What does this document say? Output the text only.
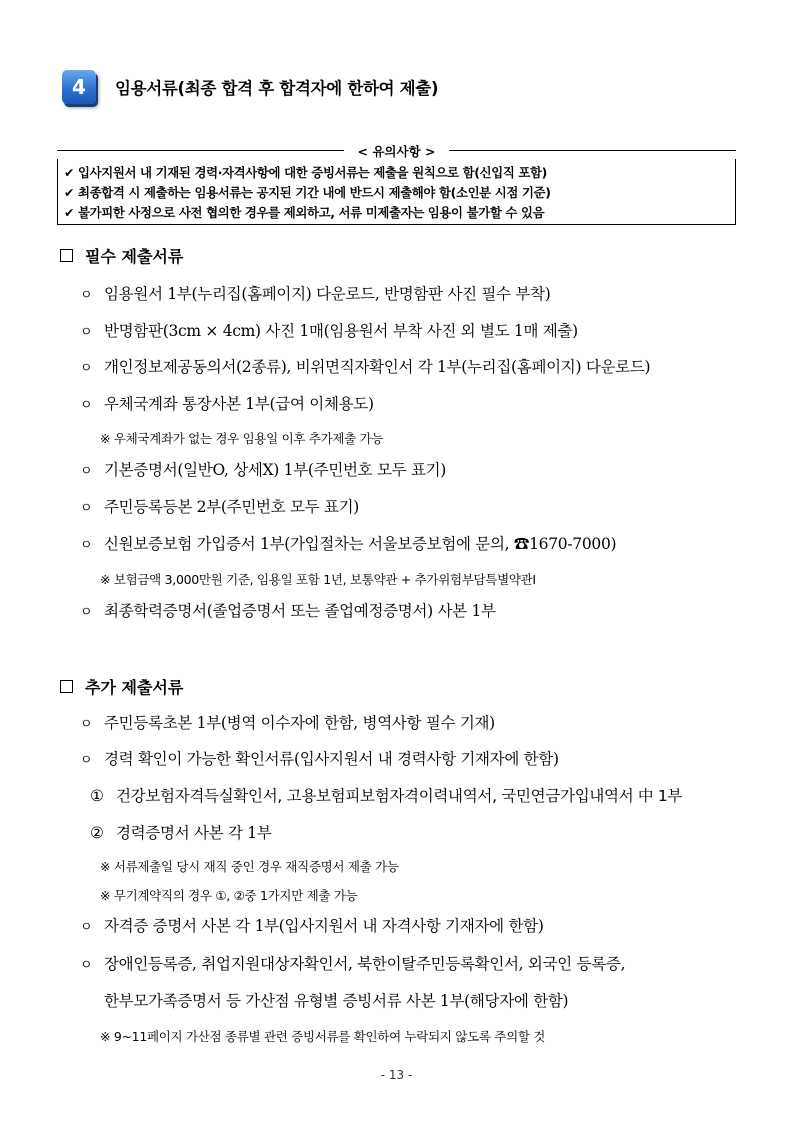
4	임용서류(최종 합격 후 합격자에 한하여 제출)
< 유의사항 >
✔ 입사지원서 내 기재된 경력·자격사항에 대한 증빙서류는 제출을 원칙으로 함(신입직 포함)
✔ 최종합격 시 제출하는 임용서류는 공지된 기간 내에 반드시 제출해야 함(소인분 시점 기준)
✔ 불가피한 사정으로 사전 협의한 경우를 제외하고, 서류 미제출자는 임용이 불가할 수 있음
필수 제출서류
ㅇ 임용원서 1부(누리집(홈페이지) 다운로드, 반명함판 사진 필수 부착)
ㅇ 반명함판(3cm × 4cm) 사진 1매(임용원서 부착 사진 외 별도 1매 제출)
ㅇ 개인정보제공동의서(2종류), 비위면직자확인서 각 1부(누리집(홈페이지) 다운로드)
ㅇ 우체국계좌 통장사본 1부(급여 이체용도)
※ 우체국계좌가 없는 경우 임용일 이후 추가제출 가능
ㅇ 기본증명서(일반O, 상세X) 1부(주민번호 모두 표기)
ㅇ 주민등록등본 2부(주민번호 모두 표기)
ㅇ 신원보증보험 가입증서 1부(가입절차는 서울보증보험에 문의, ☎1670-7000)
※ 보험금액 3,000만원 기준, 임용일 포함 1년, 보통약관 + 추가위험부담특별약관Ⅰ
ㅇ 최종학력증명서(졸업증명서 또는 졸업예정증명서) 사본 1부
추가 제출서류
ㅇ 주민등록초본 1부(병역 이수자에 한함, 병역사항 필수 기재)
ㅇ 경력 확인이 가능한 확인서류(입사지원서 내 경력사항 기재자에 한함)
① 건강보험자격득실확인서, 고용보험피보험자격이력내역서, 국민연금가입내역서 中 1부
② 경력증명서 사본 각 1부
※ 서류제출일 당시 재직 중인 경우 재직증명서 제출 가능
※ 무기계약직의 경우 ①, ②중 1가지만 제출 가능
ㅇ 자격증 증명서 사본 각 1부(입사지원서 내 자격사항 기재자에 한함)
ㅇ 장애인등록증, 취업지원대상자확인서, 북한이탈주민등록확인서, 외국인 등록증,
한부모가족증명서 등 가산점 유형별 증빙서류 사본 1부(해당자에 한함)
※ 9~11페이지 가산점 종류별 관련 증빙서류를 확인하여 누락되지 않도록 주의할 것
- 13 -
